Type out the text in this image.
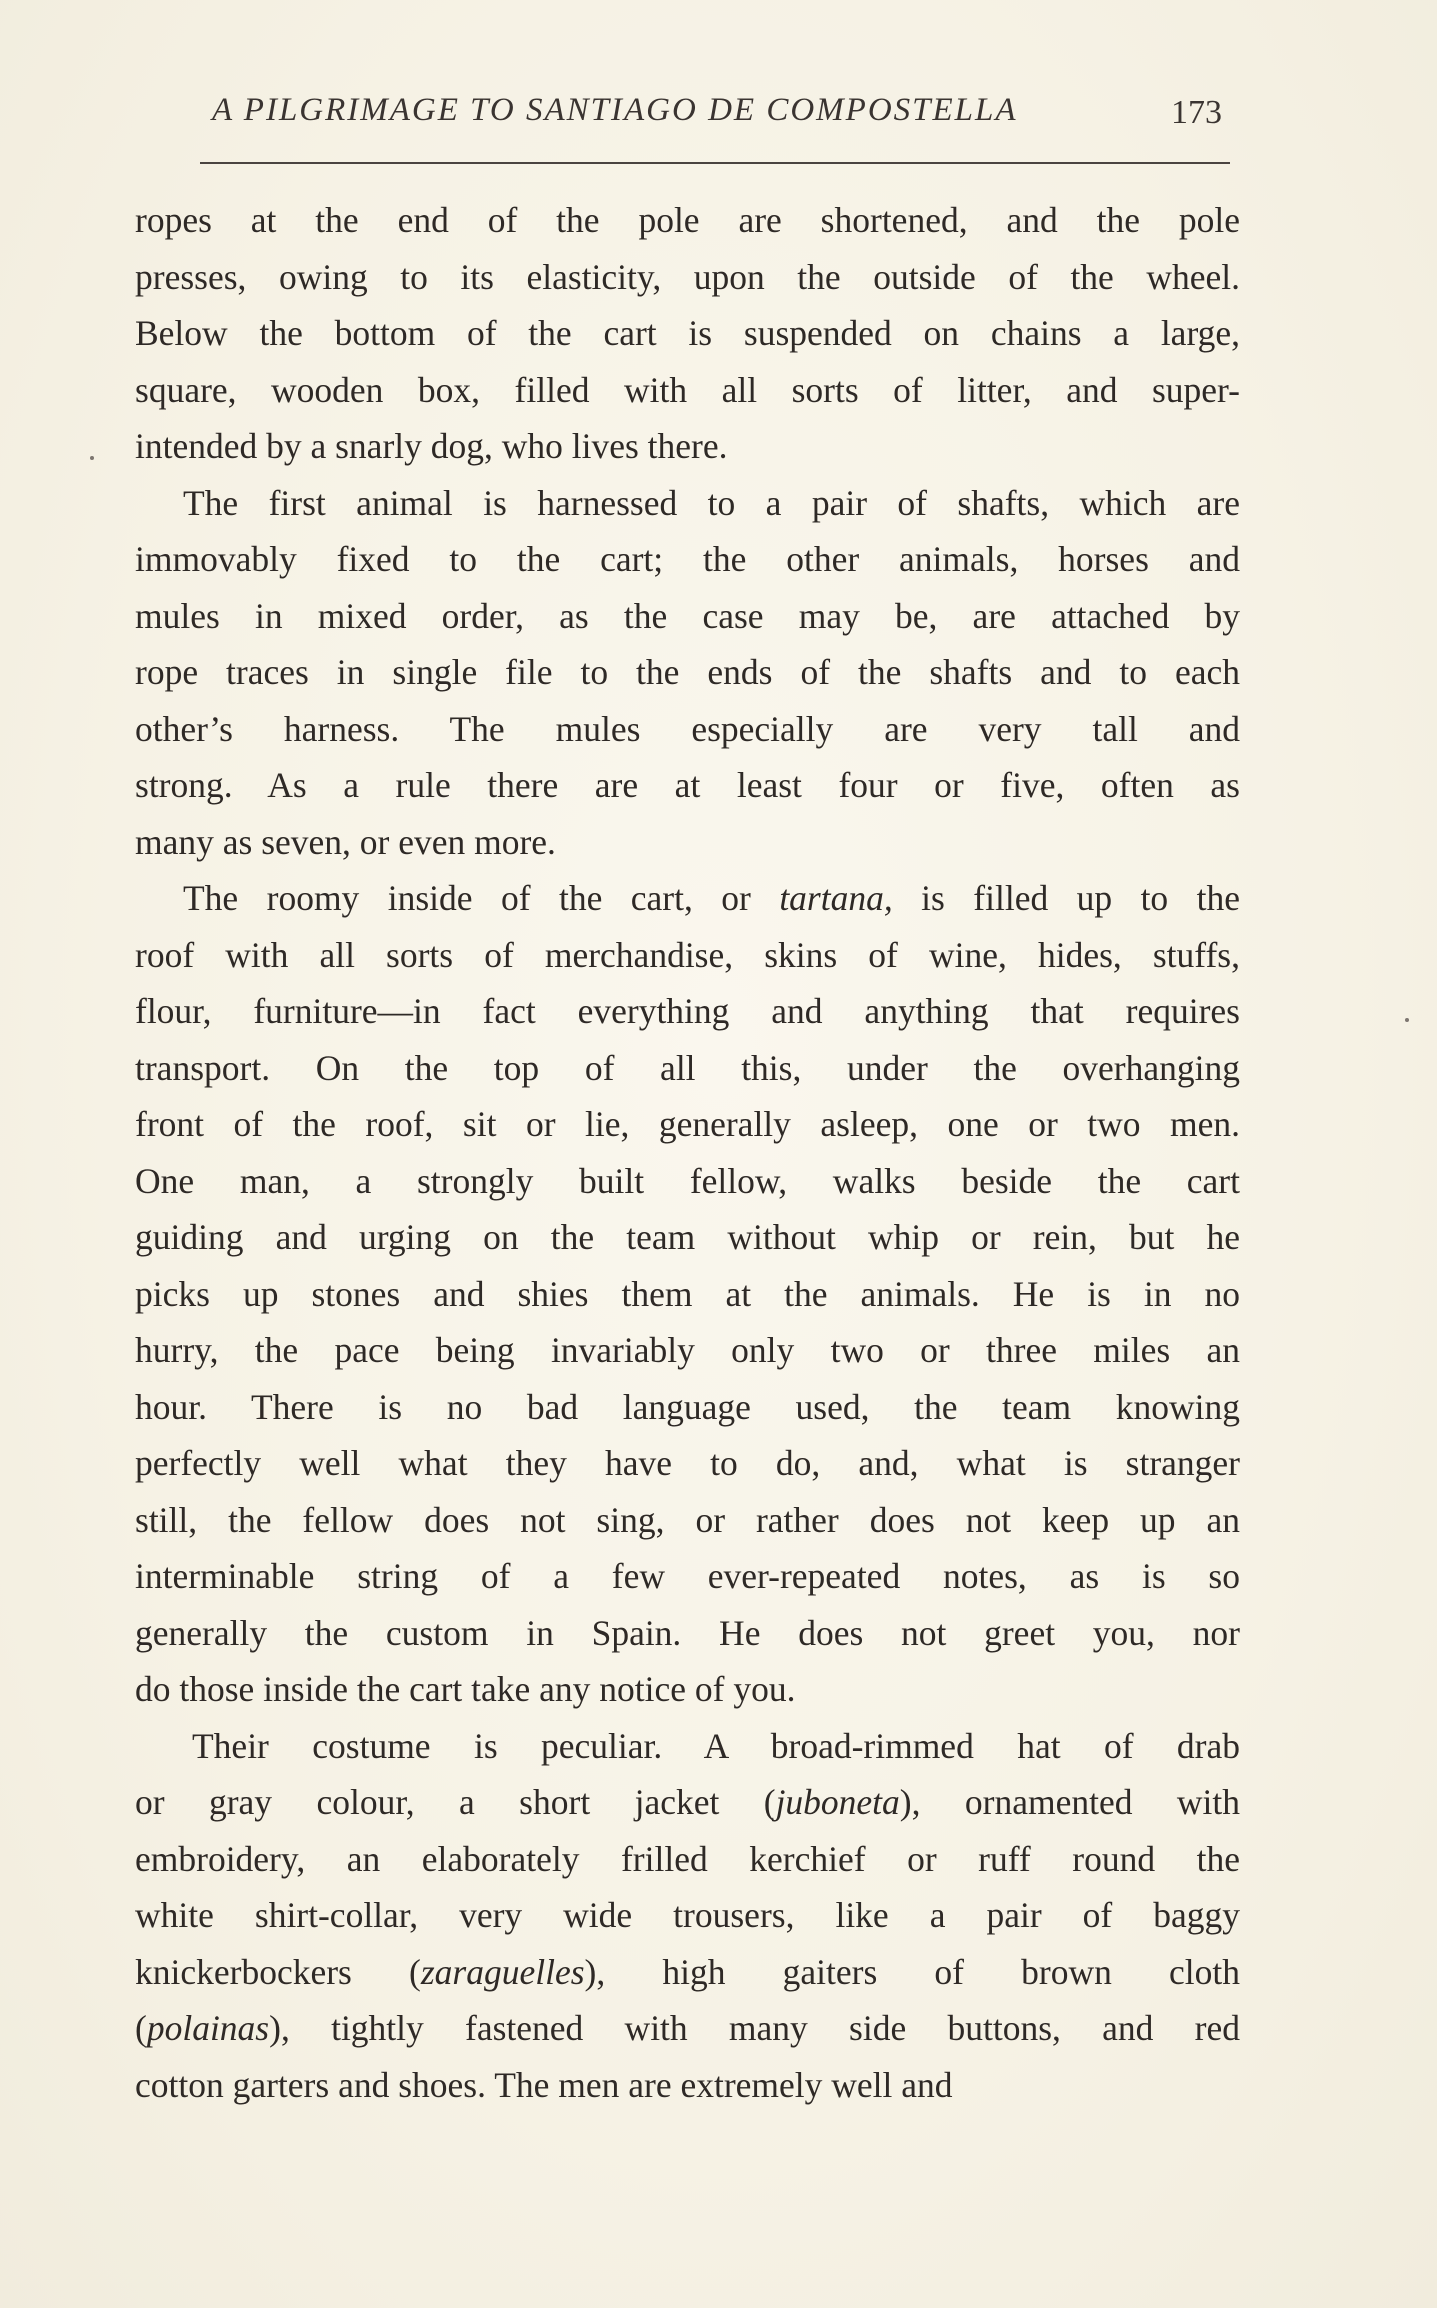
A PILGRIMAGE TO SANTIAGO DE COMPOSTELLA	173
ropes at the end of the pole are shortened, and the pole
presses, owing to its elasticity, upon the outside of the wheel.
Below the bottom of the cart is suspended on chains a large,
square, wooden box, filled with all sorts of litter, and super-
intended by a snarly dog, who lives there.
The first animal is harnessed to a pair of shafts, which are
immovably fixed to the cart; the other animals, horses and
mules in mixed order, as the case may be, are attached by
rope traces in single file to the ends of the shafts and to each
other’s harness. The mules especially are very tall and
strong. As a rule there are at least four or five, often as
many as seven, or even more.
The roomy inside of the cart, or tartana, is filled up to the
roof with all sorts of merchandise, skins of wine, hides, stuffs,
flour, furniture—in fact everything and anything that requires
transport. On the top of all this, under the overhanging
front of the roof, sit or lie, generally asleep, one or two men.
One man, a strongly built fellow, walks beside the cart
guiding and urging on the team without whip or rein, but he
picks up stones and shies them at the animals. He is in no
hurry, the pace being invariably only two or three miles an
hour. There is no bad language used, the team knowing
perfectly well what they have to do, and, what is stranger
still, the fellow does not sing, or rather does not keep up an
interminable string of a few ever-repeated notes, as is so
generally the custom in Spain. He does not greet you, nor
do those inside the cart take any notice of you.
Their costume is peculiar. A broad-rimmed hat of drab
or gray colour, a short jacket (juboneta), ornamented with
embroidery, an elaborately frilled kerchief or ruff round the
white shirt-collar, very wide trousers, like a pair of baggy
knickerbockers (zaraguelles), high gaiters of brown cloth
(polainas), tightly fastened with many side buttons, and red
cotton garters and shoes. The men are extremely well and
